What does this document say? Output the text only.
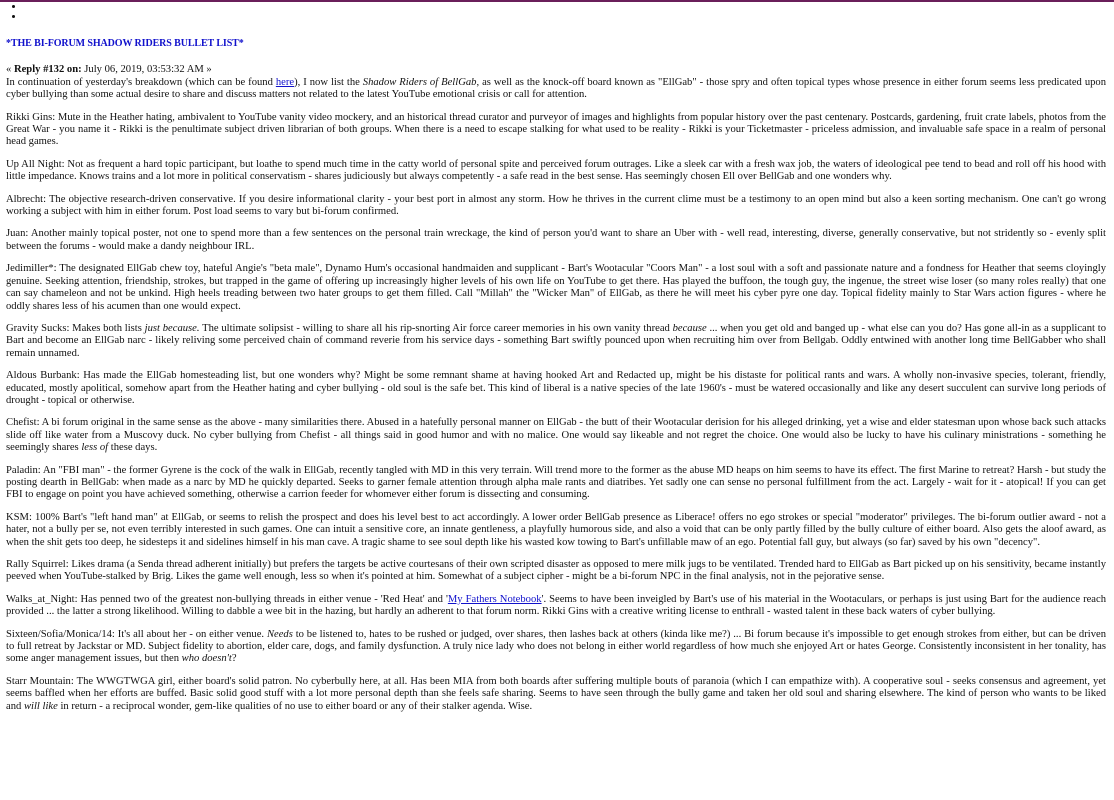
•
•
*THE BI-FORUM SHADOW RIDERS BULLET LIST*
« Reply #132 on: July 06, 2019, 03:53:32 AM »

In continuation of yesterday's breakdown (which can be found here), I now list the Shadow Riders of BellGab, as well as the knock-off board known as "EllGab" - those spry and often topical types whose presence in either forum seems less predicated upon cyber bullying than some actual desire to share and discuss matters not related to the latest YouTube emotional crisis or call for attention.

Rikki Gins: Mute in the Heather hating, ambivalent to YouTube vanity video mockery, and an historical thread curator and purveyor of images and highlights from popular history over the past centenary. Postcards, gardening, fruit crate labels, photos from the Great War - you name it - Rikki is the penultimate subject driven librarian of both groups. When there is a need to escape stalking for what used to be reality - Rikki is your Ticketmaster - priceless admission, and invaluable safe space in a realm of personal head games.

Up All Night: Not as frequent a hard topic participant, but loathe to spend much time in the catty world of personal spite and perceived forum outrages. Like a sleek car with a fresh wax job, the waters of ideological pee tend to bead and roll off his hood with little impedance. Knows trains and a lot more in political conservatism - shares judiciously but always competently - a safe read in the best sense. Has seemingly chosen Ell over BellGab and one wonders why.

Albrecht: The objective research-driven conservative. If you desire informational clarity - your best port in almost any storm. How he thrives in the current clime must be a testimony to an open mind but also a keen sorting mechanism. One can't go wrong working a subject with him in either forum. Post load seems to vary but bi-forum confirmed.

Juan: Another mainly topical poster, not one to spend more than a few sentences on the personal train wreckage, the kind of person you'd want to share an Uber with - well read, interesting, diverse, generally conservative, but not stridently so - evenly split between the forums - would make a dandy neighbour IRL.

Jedimiller*: The designated EllGab chew toy, hateful Angie's "beta male", Dynamo Hum's occasional handmaiden and supplicant - Bart's Wootacular "Coors Man" - a lost soul with a soft and passionate nature and a fondness for Heather that seems cloyingly genuine. Seeking attention, friendship, strokes, but trapped in the game of offering up increasingly higher levels of his own life on YouTube to get there. Has played the buffoon, the tough guy, the ingenue, the street wise loser (so many roles really) that one can say chameleon and not be unkind. High heels treading between two hater groups to get them filled. Call "Millah" the "Wicker Man" of EllGab, as there he will meet his cyber pyre one day. Topical fidelity mainly to Star Wars action figures - where he oddly shares less of his acumen than one would expect.

Gravity Sucks: Makes both lists just because. The ultimate solipsist - willing to share all his rip-snorting Air force career memories in his own vanity thread because ... when you get old and banged up - what else can you do? Has gone all-in as a supplicant to Bart and become an EllGab narc - likely reliving some perceived chain of command reverie from his service days - something Bart swiftly pounced upon when recruiting him over from Bellgab. Oddly entwined with another long time BellGabber who shall remain unnamed.

Aldous Burbank: Has made the EllGab homesteading list, but one wonders why? Might be some remnant shame at having hooked Art and Redacted up, might be his distaste for political rants and wars. A wholly non-invasive species, tolerant, friendly, educated, mostly apolitical, somehow apart from the Heather hating and cyber bullying - old soul is the safe bet. This kind of liberal is a native species of the late 1960's - must be watered occasionally and like any desert succulent can survive long periods of drought - topical or otherwise.

Chefist: A bi forum original in the same sense as the above - many similarities there. Abused in a hatefully personal manner on EllGab - the butt of their Wootacular derision for his alleged drinking, yet a wise and elder statesman upon whose back such attacks slide off like water from a Muscovy duck. No cyber bullying from Chefist - all things said in good humor and with no malice. One would say likeable and not regret the choice. One would also be lucky to have his culinary ministrations - something he seemingly shares less of these days.

Paladin: An "FBI man" - the former Gyrene is the cock of the walk in EllGab, recently tangled with MD in this very terrain. Will trend more to the former as the abuse MD heaps on him seems to have its effect. The first Marine to retreat? Harsh - but study the posting dearth in BellGab: when made as a narc by MD he quickly departed. Seeks to garner female attention through alpha male rants and diatribes. Yet sadly one can sense no personal fulfillment from the act. Largely - wait for it - atopical! If you can get FBI to engage on point you have achieved something, otherwise a carrion feeder for whomever either forum is dissecting and consuming.

KSM: 100% Bart's "left hand man" at EllGab, or seems to relish the prospect and does his level best to act accordingly. A lower order BellGab presence as Liberace! offers no ego strokes or special "moderator" privileges. The bi-forum outlier award - not a hater, not a bully per se, not even terribly interested in such games. One can intuit a sensitive core, an innate gentleness, a playfully humorous side, and also a void that can be only partly filled by the bully culture of either board. Also gets the aloof award, as when the shit gets too deep, he sidesteps it and sidelines himself in his man cave. A tragic shame to see soul depth like his wasted kow towing to Bart's unfillable maw of an ego. Potential fall guy, but always (so far) saved by his own "decency".

Rally Squirrel: Likes drama (a Senda thread adherent initially) but prefers the targets be active courtesans of their own scripted disaster as opposed to mere milk jugs to be ventilated. Trended hard to EllGab as Bart picked up on his sensitivity, became instantly peeved when YouTube-stalked by Brig. Likes the game well enough, less so when it's pointed at him. Somewhat of a subject cipher - might be a bi-forum NPC in the final analysis, not in the pejorative sense.

Walks_at_Night: Has penned two of the greatest non-bullying threads in either venue - 'Red Heat' and 'My Fathers Notebook'. Seems to have been inveigled by Bart's use of his material in the Wootaculars, or perhaps is just using Bart for the audience reach provided ... the latter a strong likelihood. Willing to dabble a wee bit in the hazing, but hardly an adherent to that forum norm. Rikki Gins with a creative writing license to enthrall - wasted talent in these back waters of cyber bullying.

Sixteen/Sofia/Monica/14: It's all about her - on either venue. Needs to be listened to, hates to be rushed or judged, over shares, then lashes back at others (kinda like me?) ... Bi forum because it's impossible to get enough strokes from either, but can be driven to full retreat by Jackstar or MD. Subject fidelity to abortion, elder care, dogs, and family dysfunction. A truly nice lady who does not belong in either world regardless of how much she enjoyed Art or hates George. Consistently inconsistent in her tonality, has some anger management issues, but then who doesn't?

Starr Mountain: The WWGTWGA girl, either board's solid patron. No cyberbully here, at all. Has been MIA from both boards after suffering multiple bouts of paranoia (which I can empathize with). A cooperative soul - seeks consensus and agreement, yet seems baffled when her efforts are buffed. Basic solid good stuff with a lot more personal depth than she feels safe sharing. Seems to have seen through the bully game and taken her old soul and sharing elsewhere. The kind of person who wants to be liked and will like in return - a reciprocal wonder, gem-like qualities of no use to either board or any of their stalker agenda. Wise.
